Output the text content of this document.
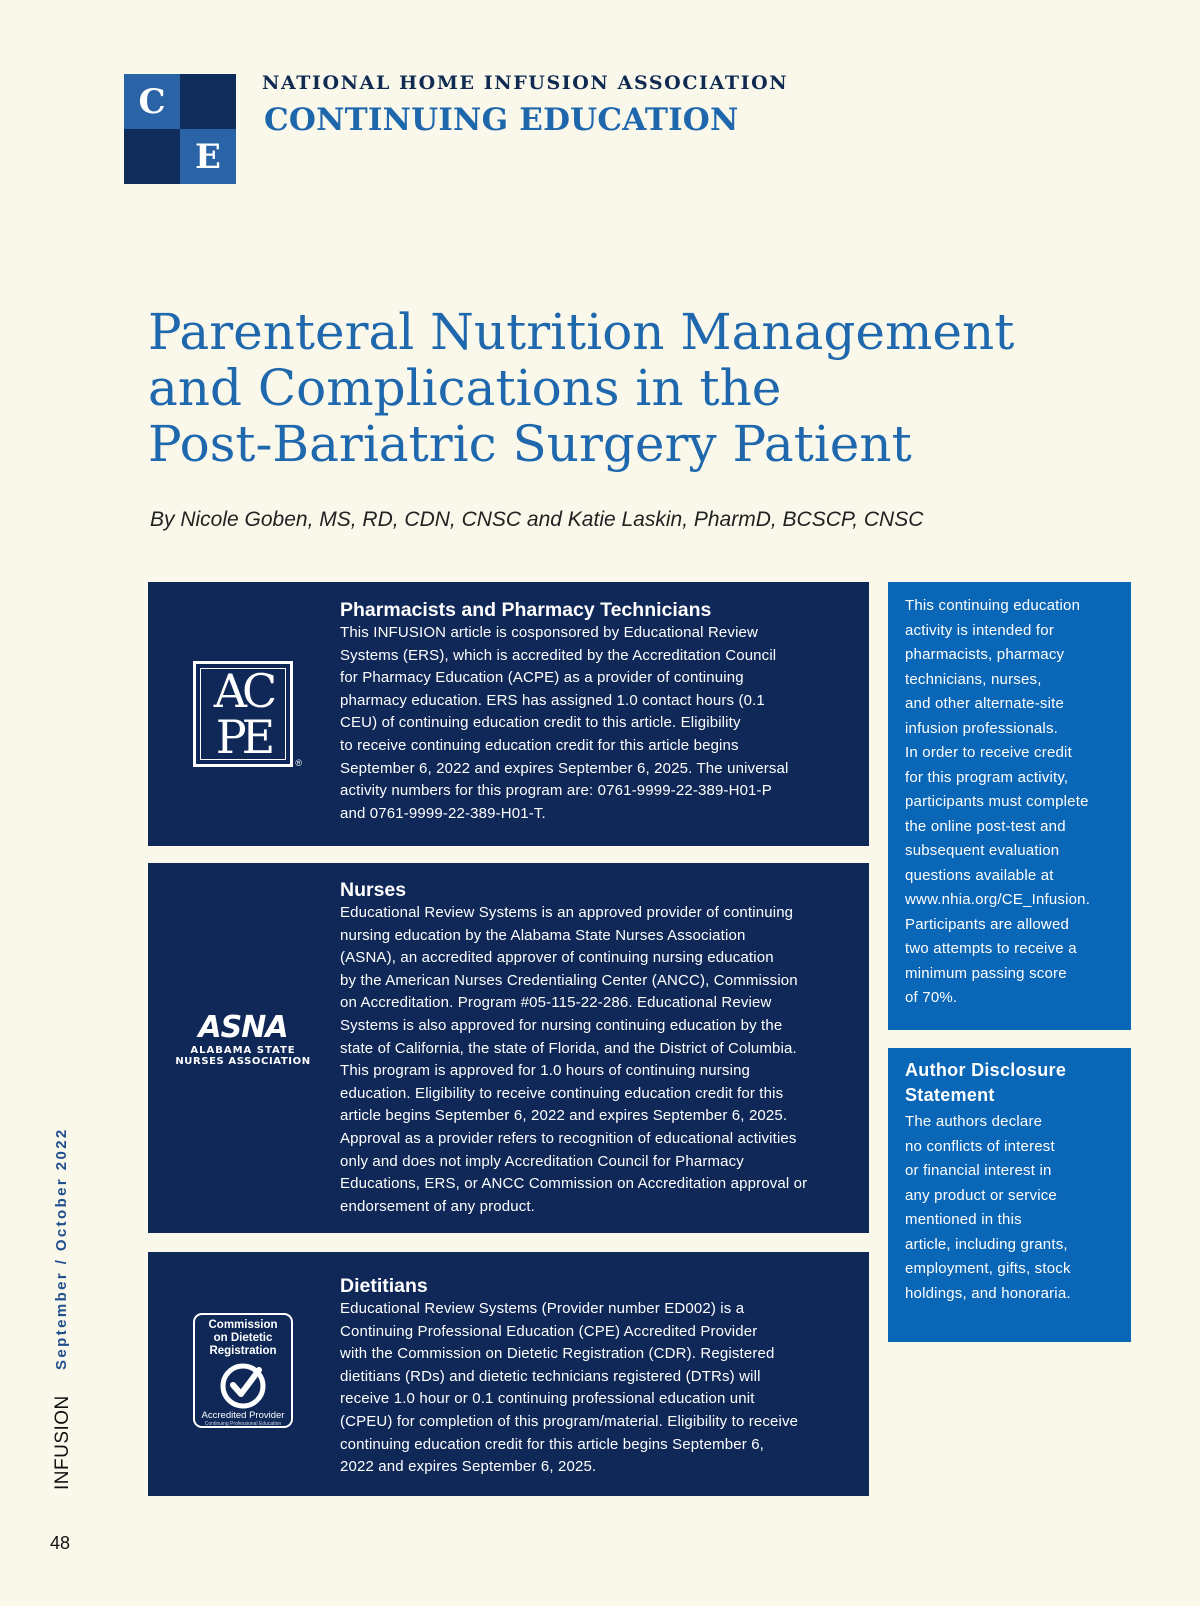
C
E
NATIONAL HOME INFUSION ASSOCIATION
CONTINUING EDUCATION
Parenteral Nutrition Management
and Complications in the
Post-Bariatric Surgery Patient
By Nicole Goben, MS, RD, CDN, CNSC and Katie Laskin, PharmD, BCSCP, CNSC
AC
PE	®
Pharmacists and Pharmacy Technicians

This INFUSION article is cosponsored by Educational Review
Systems (ERS), which is accredited by the Accreditation Council
for Pharmacy Education (ACPE) as a provider of continuing
pharmacy education. ERS has assigned 1.0 contact hours (0.1
CEU) of continuing education credit to this article. Eligibility
to receive continuing education credit for this article begins
September 6, 2022 and expires September 6, 2025. The universal
activity numbers for this program are: 0761-9999-22-389-H01-P
and 0761-9999-22-389-H01-T.

ASNA
ALABAMA STATE
NURSES ASSOCIATION
Nurses

Educational Review Systems is an approved provider of continuing
nursing education by the Alabama State Nurses Association
(ASNA), an accredited approver of continuing nursing education
by the American Nurses Credentialing Center (ANCC), Commission
on Accreditation. Program #05-115-22-286. Educational Review
Systems is also approved for nursing continuing education by the
state of California, the state of Florida, and the District of Columbia.
This program is approved for 1.0 hours of continuing nursing
education. Eligibility to receive continuing education credit for this
article begins September 6, 2022 and expires September 6, 2025.
Approval as a provider refers to recognition of educational activities
only and does not imply Accreditation Council for Pharmacy
Educations, ERS, or ANCC Commission on Accreditation approval or
endorsement of any product.

Commission
on Dietetic
Registration
Accredited Provider
Continuing Professional Education
Dietitians

Educational Review Systems (Provider number ED002) is a
Continuing Professional Education (CPE) Accredited Provider
with the Commission on Dietetic Registration (CDR). Registered
dietitians (RDs) and dietetic technicians registered (DTRs) will
receive 1.0 hour or 0.1 continuing professional education unit
(CPEU) for completion of this program/material. Eligibility to receive
continuing education credit for this article begins September 6,
2022 and expires September 6, 2025.

This continuing education
activity is intended for
pharmacists, pharmacy
technicians, nurses,
and other alternate-site
infusion professionals.
In order to receive credit
for this program activity,
participants must complete
the online post-test and
subsequent evaluation
questions available at
www.nhia.org/CE_Infusion.
Participants are allowed
two attempts to receive a
minimum passing score
of 70%.

Author Disclosure
Statement

The authors declare
no conflicts of interest
or financial interest in
any product or service
mentioned in this
article, including grants,
employment, gifts, stock
holdings, and honoraria.

September / October 2022
INFUSION
48
